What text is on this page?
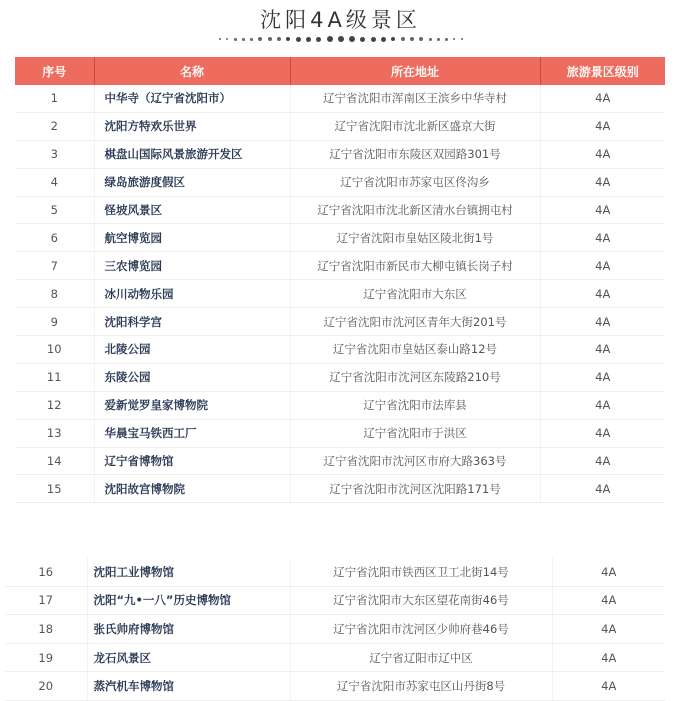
沈阳4A级景区
序号	名称	所在地址	旅游景区级别
1	中华寺（辽宁省沈阳市）	辽宁省沈阳市浑南区王滨乡中华寺村	4A
2	沈阳方特欢乐世界	辽宁省沈阳市沈北新区盛京大街	4A
3	棋盘山国际风景旅游开发区	辽宁省沈阳市东陵区双园路301号	4A
4	绿岛旅游度假区	辽宁省沈阳市苏家屯区佟沟乡	4A
5	怪坡风景区	辽宁省沈阳市沈北新区清水台镇拥屯村	4A
6	航空博览园	辽宁省沈阳市皇姑区陵北街1号	4A
7	三农博览园	辽宁省沈阳市新民市大柳屯镇长岗子村	4A
8	冰川动物乐园	辽宁省沈阳市大东区	4A
9	沈阳科学宫	辽宁省沈阳市沈河区青年大街201号	4A
10	北陵公园	辽宁省沈阳市皇姑区泰山路12号	4A
11	东陵公园	辽宁省沈阳市沈河区东陵路210号	4A
12	爱新觉罗皇家博物院	辽宁省沈阳市法库县	4A
13	华晨宝马铁西工厂	辽宁省沈阳市于洪区	4A
14	辽宁省博物馆	辽宁省沈阳市沈河区市府大路363号	4A
15	沈阳故宫博物院	辽宁省沈阳市沈河区沈阳路171号	4A
16	沈阳工业博物馆	辽宁省沈阳市铁西区卫工北街14号	4A
17	沈阳“九•一八”历史博物馆	辽宁省沈阳市大东区望花南街46号	4A
18	张氏帅府博物馆	辽宁省沈阳市沈河区少帅府巷46号	4A
19	龙石风景区	辽宁省辽阳市辽中区	4A
20	蒸汽机车博物馆	辽宁省沈阳市苏家屯区山丹街8号	4A
